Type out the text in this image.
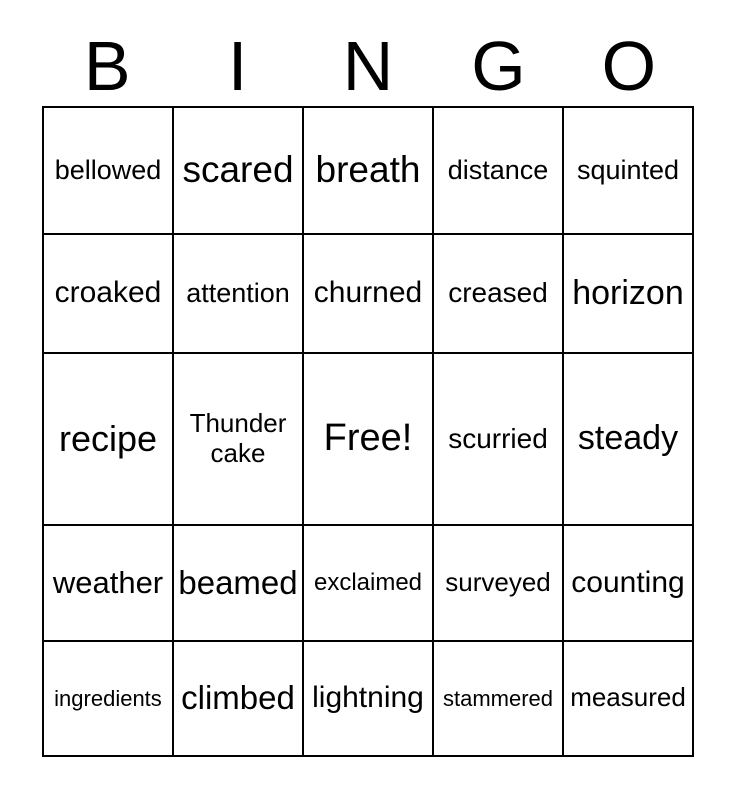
B	I	N	G	O
bellowed	scared	breath	distance	squinted
croaked	attention	churned	creased	horizon
recipe	Thunder cake	Free!	scurried	steady
weather	beamed	exclaimed	surveyed	counting
ingredients	climbed	lightning	stammered	measured
